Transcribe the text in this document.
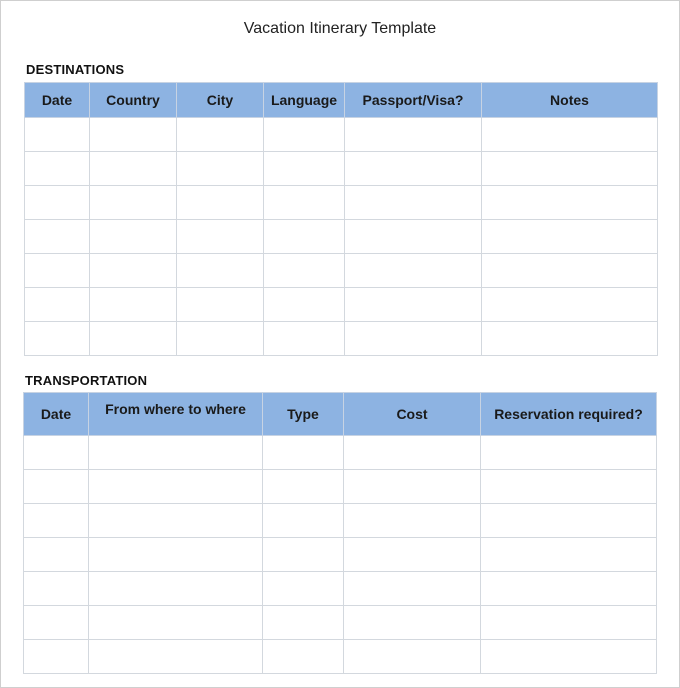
Vacation Itinerary Template
DESTINATIONS
Date	Country	City	Language	Passport/Visa?	Notes

TRANSPORTATION
Date	From where to where	Type	Cost	Reservation required?
